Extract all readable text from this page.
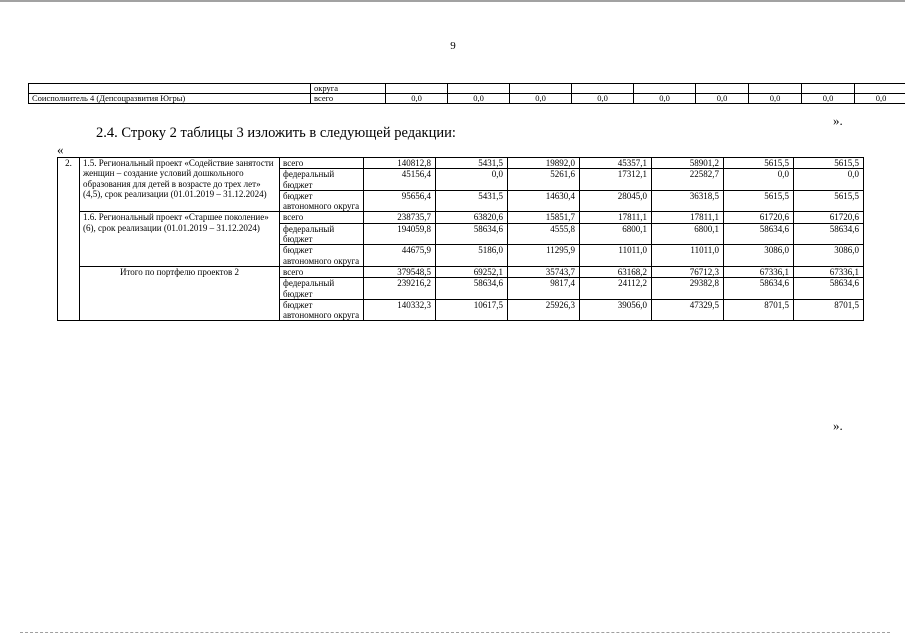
9
	округа									
Соисполнитель 4 (Депсоцразвития Югры)	всего	0,0	0,0	0,0	0,0	0,0	0,0	0,0	0,0	0,0
».
2.4. Строку 2 таблицы 3 изложить в следующей редакции:
«
2.	1.5. Региональный проект «Содействие занятости женщин – создание условий дошкольного образования для детей в возрасте до трех лет» (4,5), срок реализации (01.01.2019 – 31.12.2024)	всего	140812,8	5431,5	19892,0	45357,1	58901,2	5615,5	5615,5
		федеральный бюджет	45156,4	0,0	5261,6	17312,1	22582,7	0,0	0,0
		бюджет автономного округа	95656,4	5431,5	14630,4	28045,0	36318,5	5615,5	5615,5
	1.6. Региональный проект «Старшее поколение» (6), срок реализации (01.01.2019 – 31.12.2024)	всего	238735,7	63820,6	15851,7	17811,1	17811,1	61720,6	61720,6
		федеральный бюджет	194059,8	58634,6	4555,8	6800,1	6800,1	58634,6	58634,6
		бюджет автономного округа	44675,9	5186,0	11295,9	11011,0	11011,0	3086,0	3086,0
	Итого по портфелю проектов 2	всего	379548,5	69252,1	35743,7	63168,2	76712,3	67336,1	67336,1
		федеральный бюджет	239216,2	58634,6	9817,4	24112,2	29382,8	58634,6	58634,6
		бюджет автономного округа	140332,3	10617,5	25926,3	39056,0	47329,5	8701,5	8701,5
».
